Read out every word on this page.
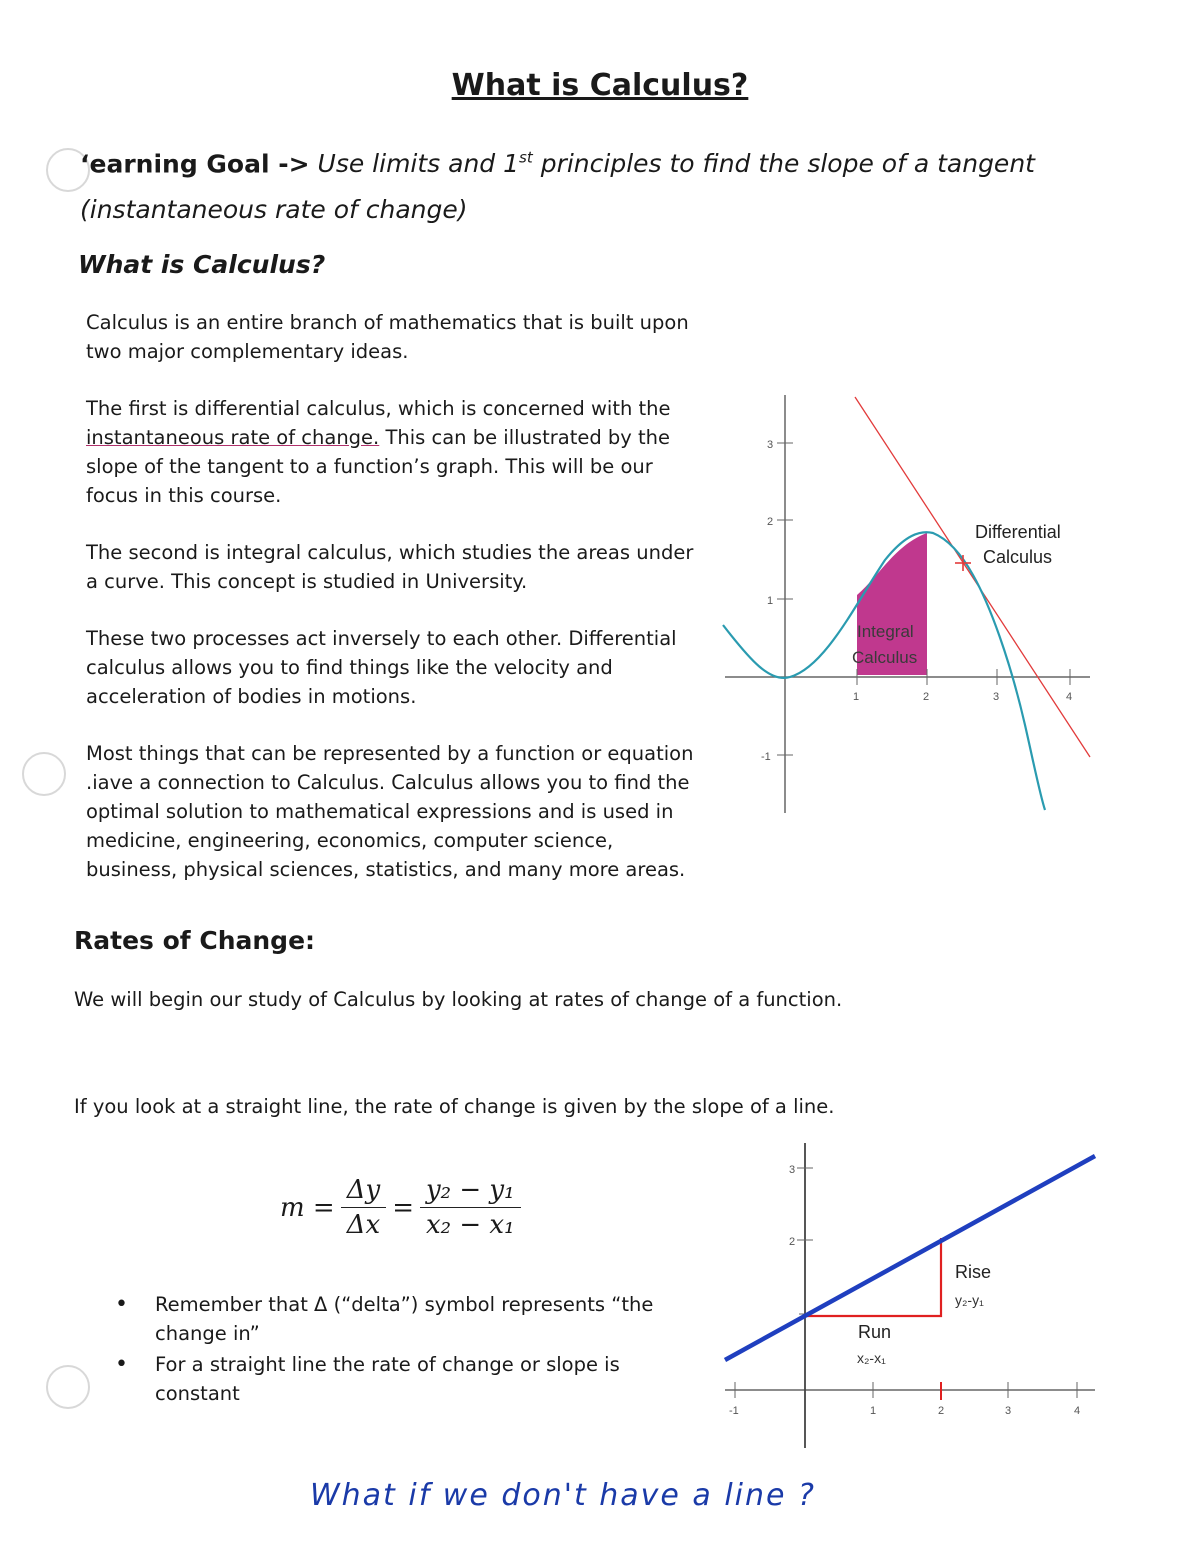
What is Calculus?
‘earning Goal -> Use limits and 1st principles to find the slope of a tangent
(instantaneous rate of change)
What is Calculus?
Calculus is an entire branch of mathematics that is built upon two major complementary ideas.
The first is differential calculus, which is concerned with the instantaneous rate of change. This can be illustrated by the slope of the tangent to a function’s graph. This will be our focus in this course.
The second is integral calculus, which studies the areas under a curve. This concept is studied in University.
These two processes act inversely to each other. Differential calculus allows you to find things like the velocity and acceleration of bodies in motions.
Most things that can be represented by a function or equation .iave a connection to Calculus. Calculus allows you to find the optimal solution to mathematical expressions and is used in medicine, engineering, economics, computer science, business, physical sciences, statistics, and many more areas.
3
2
1
-1
1	2	3	4
Integral
Calculus
Differential
Calculus
Rates of Change:
We will begin our study of Calculus by looking at rates of change of a function.
If you look at a straight line, the rate of change is given by the slope of a line.
$m = \frac{\Delta y}{\Delta x} = \frac{\text{y₂ − y₁}}{\text{x₂ − x₁}}$
•	Remember that Δ (“delta”) symbol represents “the change in”
•	For a straight line the rate of change or slope is constant
3
2
-1	1	2	3	4
Rise
y₂-y₁
Run
x₂-x₁
What if we don't have a line ?
